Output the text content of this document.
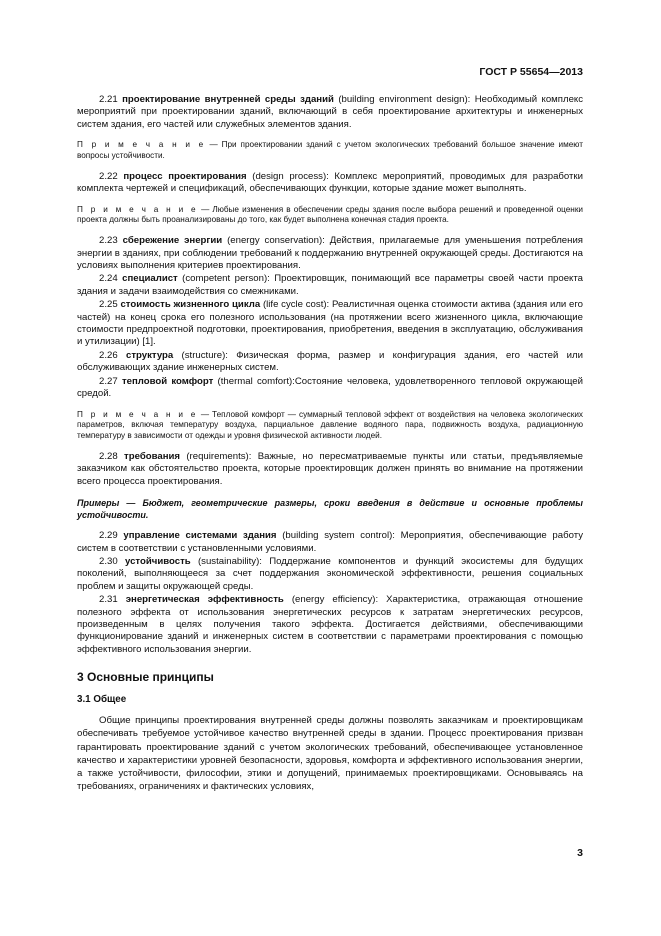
ГОСТ Р 55654—2013

2.21 проектирование внутренней среды зданий (building environment design): Необходимый комплекс мероприятий при проектировании зданий, включающий в себя проектирование архитектуры и инженерных систем здания, его частей или служебных элементов здания.

П р и м е ч а н и е — При проектировании зданий с учетом экологических требований большое значение имеют вопросы устойчивости.

2.22 процесс проектирования (design process): Комплекс мероприятий, проводимых для разработки комплекта чертежей и спецификаций, обеспечивающих функции, которые здание может выполнять.

П р и м е ч а н и е — Любые изменения в обеспечении среды здания после выбора решений и проведенной оценки проекта должны быть проанализированы до того, как будет выполнена конечная стадия проекта.

2.23 сбережение энергии (energy conservation): Действия, прилагаемые для уменьшения потребления энергии в зданиях, при соблюдении требований к поддержанию внутренней окружающей среды. Достигаются на условиях выполнения критериев проектирования.

2.24 специалист (competent person): Проектировщик, понимающий все параметры своей части проекта здания и задачи взаимодействия со смежниками.

2.25 стоимость жизненного цикла (life cycle cost): Реалистичная оценка стоимости актива (здания или его частей) на конец срока его полезного использования (на протяжении всего жизненного цикла, включающие стоимости предпроектной подготовки, проектирования, приобретения, введения в эксплуатацию, обслуживания и утилизации) [1].

2.26 структура (structure): Физическая форма, размер и конфигурация здания, его частей или обслуживающих здание инженерных систем.

2.27 тепловой комфорт (thermal comfort):Состояние человека, удовлетворенного тепловой окружающей средой.

П р и м е ч а н и е — Тепловой комфорт — суммарный тепловой эффект от воздействия на человека экологических параметров, включая температуру воздуха, парциальное давление водяного пара, подвижность воздуха, радиационную температуру в зависимости от одежды и уровня физической активности людей.

2.28 требования (requirements): Важные, но пересматриваемые пункты или статьи, предъявляемые заказчиком как обстоятельство проекта, которые проектировщик должен принять во внимание на протяжении всего процесса проектирования.

Примеры — Бюджет, геометрические размеры, сроки введения в действие и основные проблемы устойчивости.

2.29 управление системами здания (building system control): Мероприятия, обеспечивающие работу систем в соответствии с установленными условиями.

2.30 устойчивость (sustainability): Поддержание компонентов и функций экосистемы для будущих поколений, выполняющееся за счет поддержания экономической эффективности, решения социальных проблем и защиты окружающей среды.

2.31 энергетическая эффективность (energy efficiency): Характеристика, отражающая отношение полезного эффекта от использования энергетических ресурсов к затратам энергетических ресурсов, произведенным в целях получения такого эффекта. Достигается действиями, обеспечивающими функционирование зданий и инженерных систем в соответствии с параметрами проектирования с помощью эффективного использования энергии.

3 Основные принципы
3.1 Общее

Общие принципы проектирования внутренней среды должны позволять заказчикам и проектировщикам обеспечивать требуемое устойчивое качество внутренней среды в здании. Процесс проектирования призван гарантировать проектирование зданий с учетом экологических требований, обеспечивающее установленное качество и характеристики уровней безопасности, здоровья, комфорта и эффективного использования энергии, а также устойчивости, философии, этики и допущений, принимаемых проектировщиками. Основываясь на требованиях, ограничениях и фактических условиях,

3
